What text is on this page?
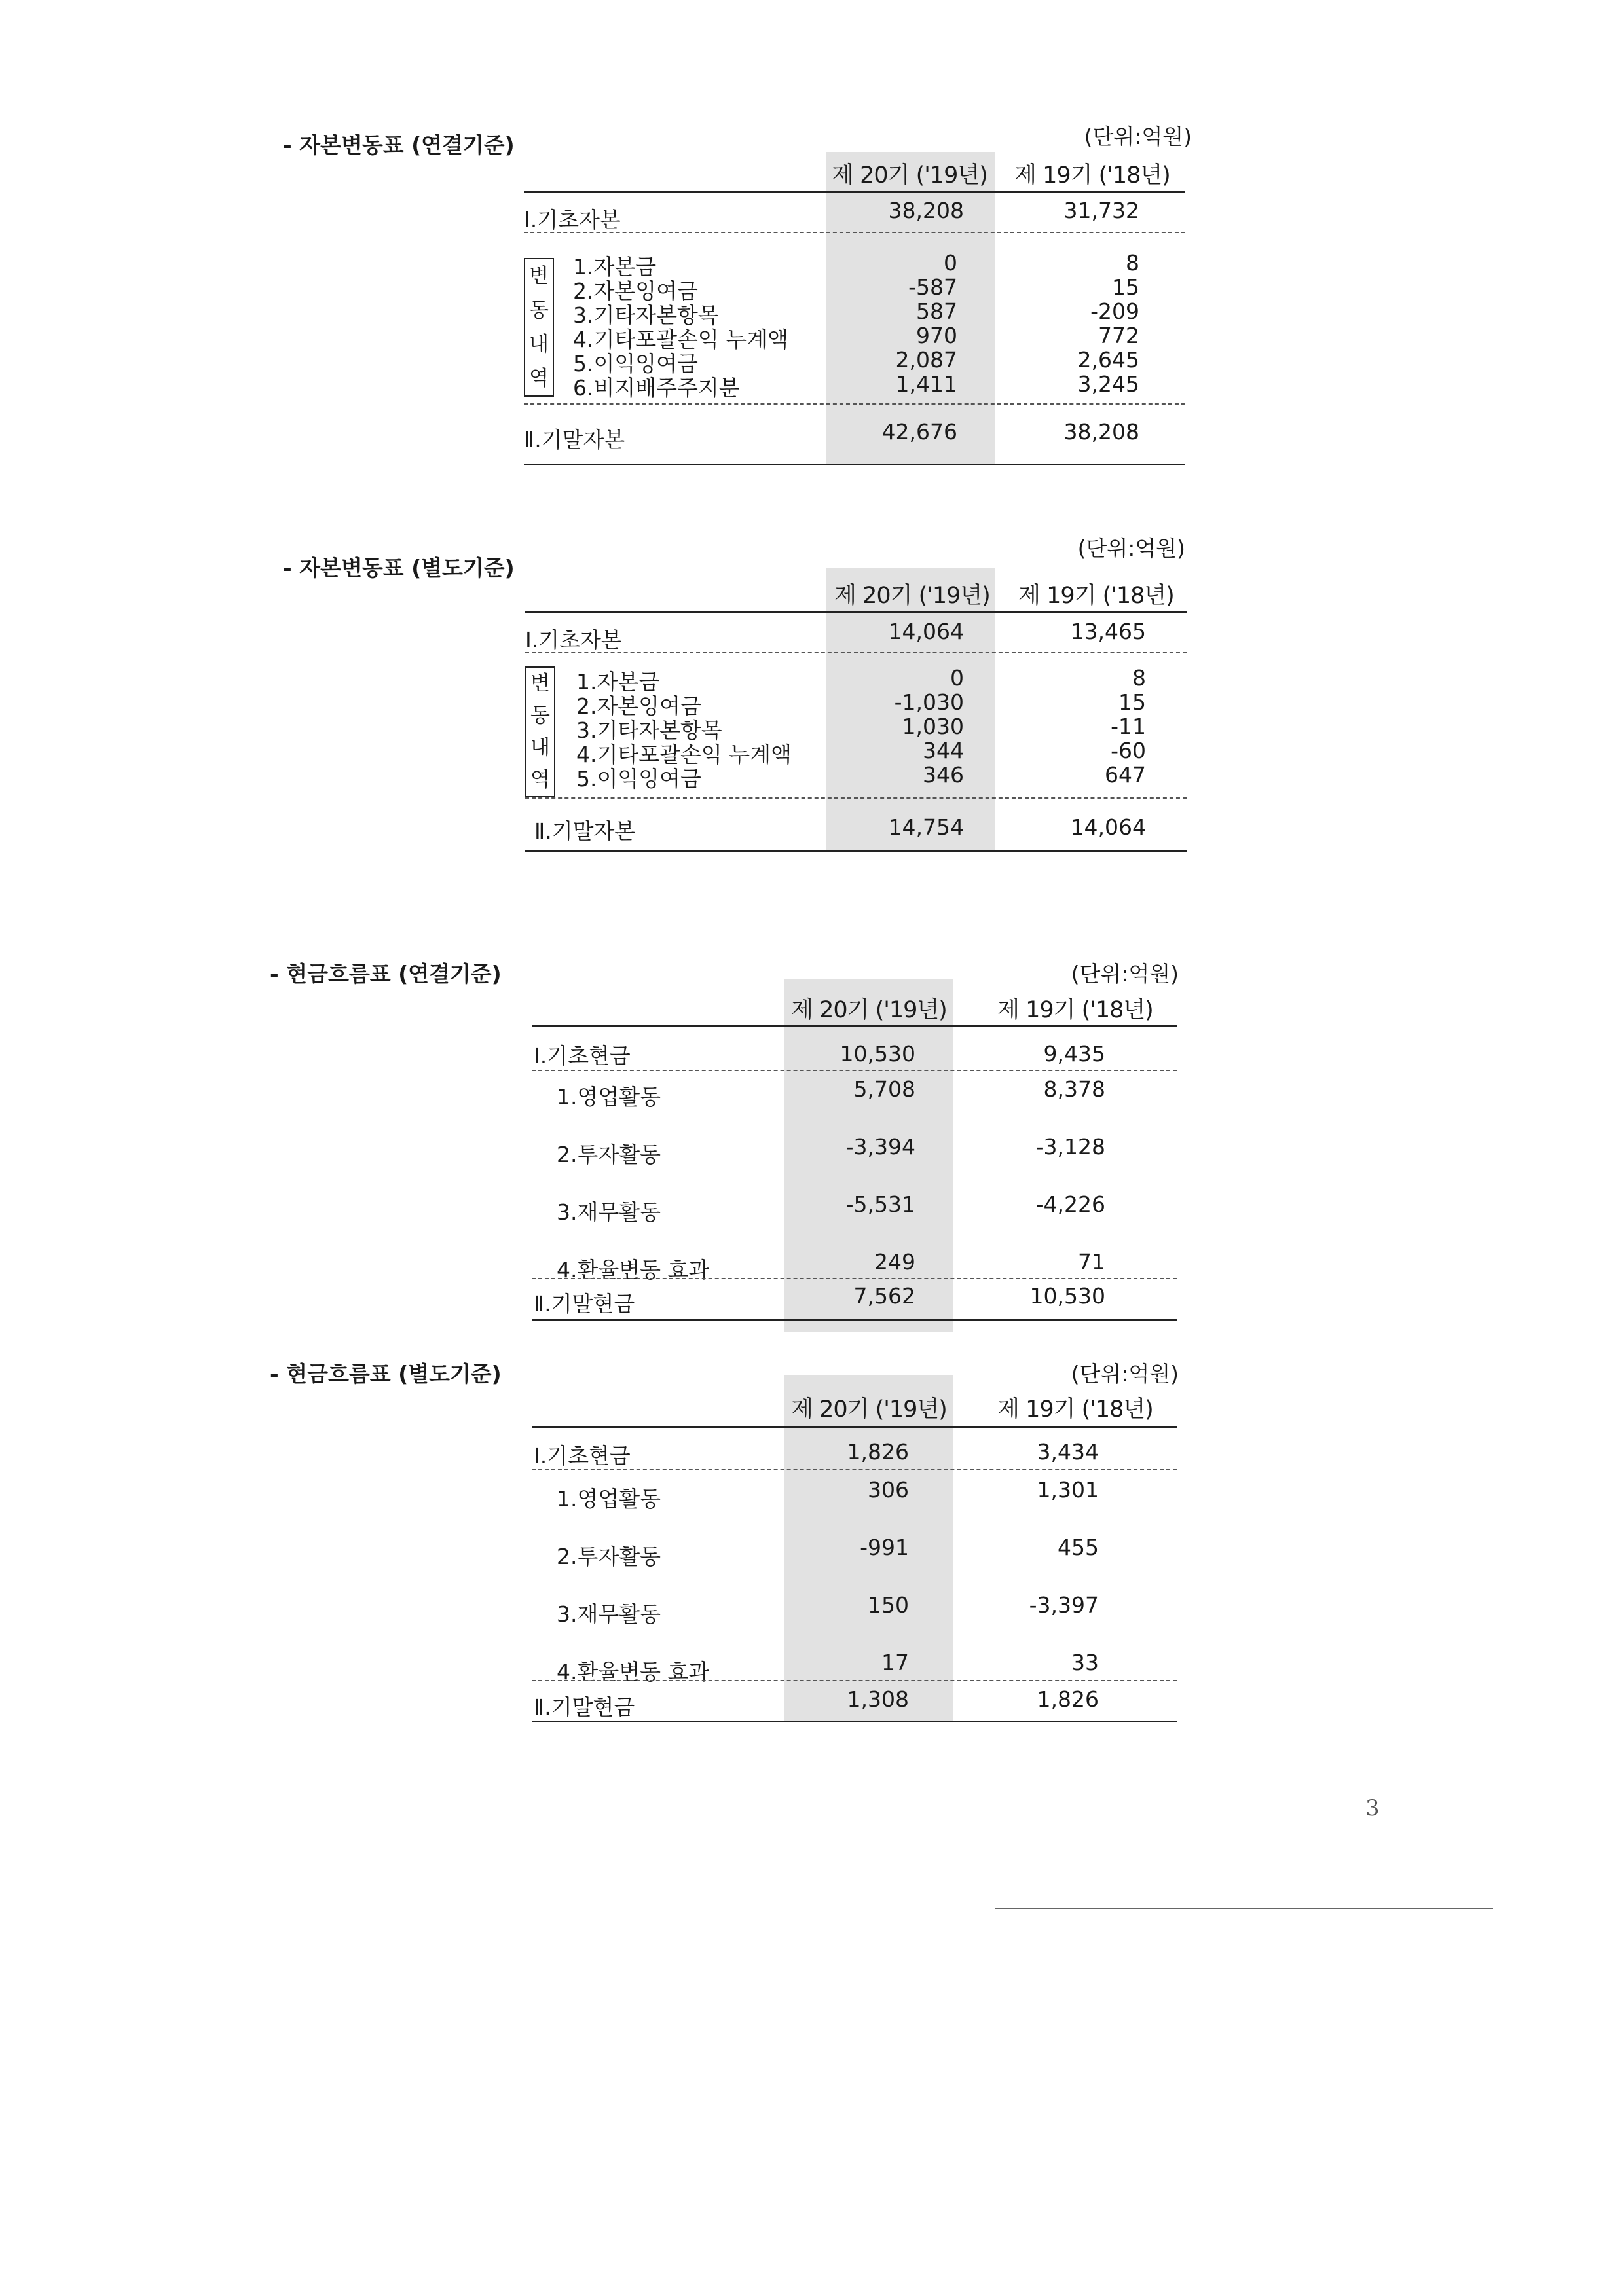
- 자본변동표 (연결기준)	(단위:억원)
제 20기 ('19년)	제 19기 ('18년)
Ⅰ.기초자본	38,208	31,732
변
동
내
역
1.자본금	0	8
2.자본잉여금	-587	15
3.기타자본항목	587	-209
4.기타포괄손익 누계액	970	772
5.이익잉여금	2,087	2,645
6.비지배주주지분	1,411	3,245
Ⅱ.기말자본	42,676	38,208
- 자본변동표 (별도기준)
(단위:억원)
제 20기 ('19년)	제 19기 ('18년)
Ⅰ.기초자본	14,064	13,465
변
동
내
역
1.자본금	0	8
2.자본잉여금	-1,030	15
3.기타자본항목	1,030	-11
4.기타포괄손익 누계액	344	-60
5.이익잉여금	346	647
Ⅱ.기말자본	14,754	14,064
- 현금흐름표 (연결기준)	(단위:억원)
제 20기 ('19년)	제 19기 ('18년)
Ⅰ.기초현금	10,530	9,435
1.영업활동	5,708	8,378
2.투자활동	-3,394	-3,128
3.재무활동	-5,531	-4,226
4.환율변동 효과	249	71
Ⅱ.기말현금	7,562	10,530
- 현금흐름표 (별도기준)	(단위:억원)
제 20기 ('19년)	제 19기 ('18년)
Ⅰ.기초현금	1,826	3,434
1.영업활동	306	1,301
2.투자활동	-991	455
3.재무활동	150	-3,397
4.환율변동 효과	17	33
Ⅱ.기말현금	1,308	1,826
3
